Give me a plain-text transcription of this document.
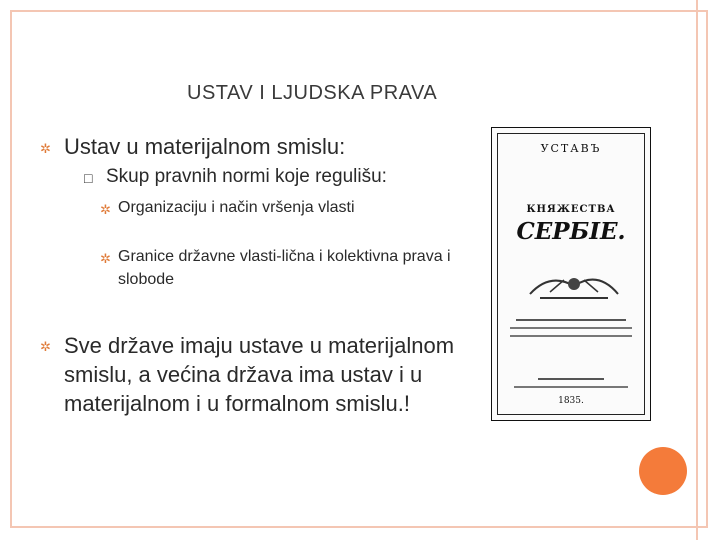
USTAV I LJUDSKA PRAVA
✲ Ustav u materijalnom smislu:
□ Skup pravnih normi koje regulišu:
✲ Organizaciju i način vršenja vlasti
✲ Granice državne vlasti-lična i kolektivna prava i
slobode
✲ Sve države imaju ustave u materijalnom smislu, a većina država ima ustav i u materijalnom i u formalnom smislu.!
УСТАВЪ
КНЯЖЕСТВА
СЕРБІЕ.
1835.
